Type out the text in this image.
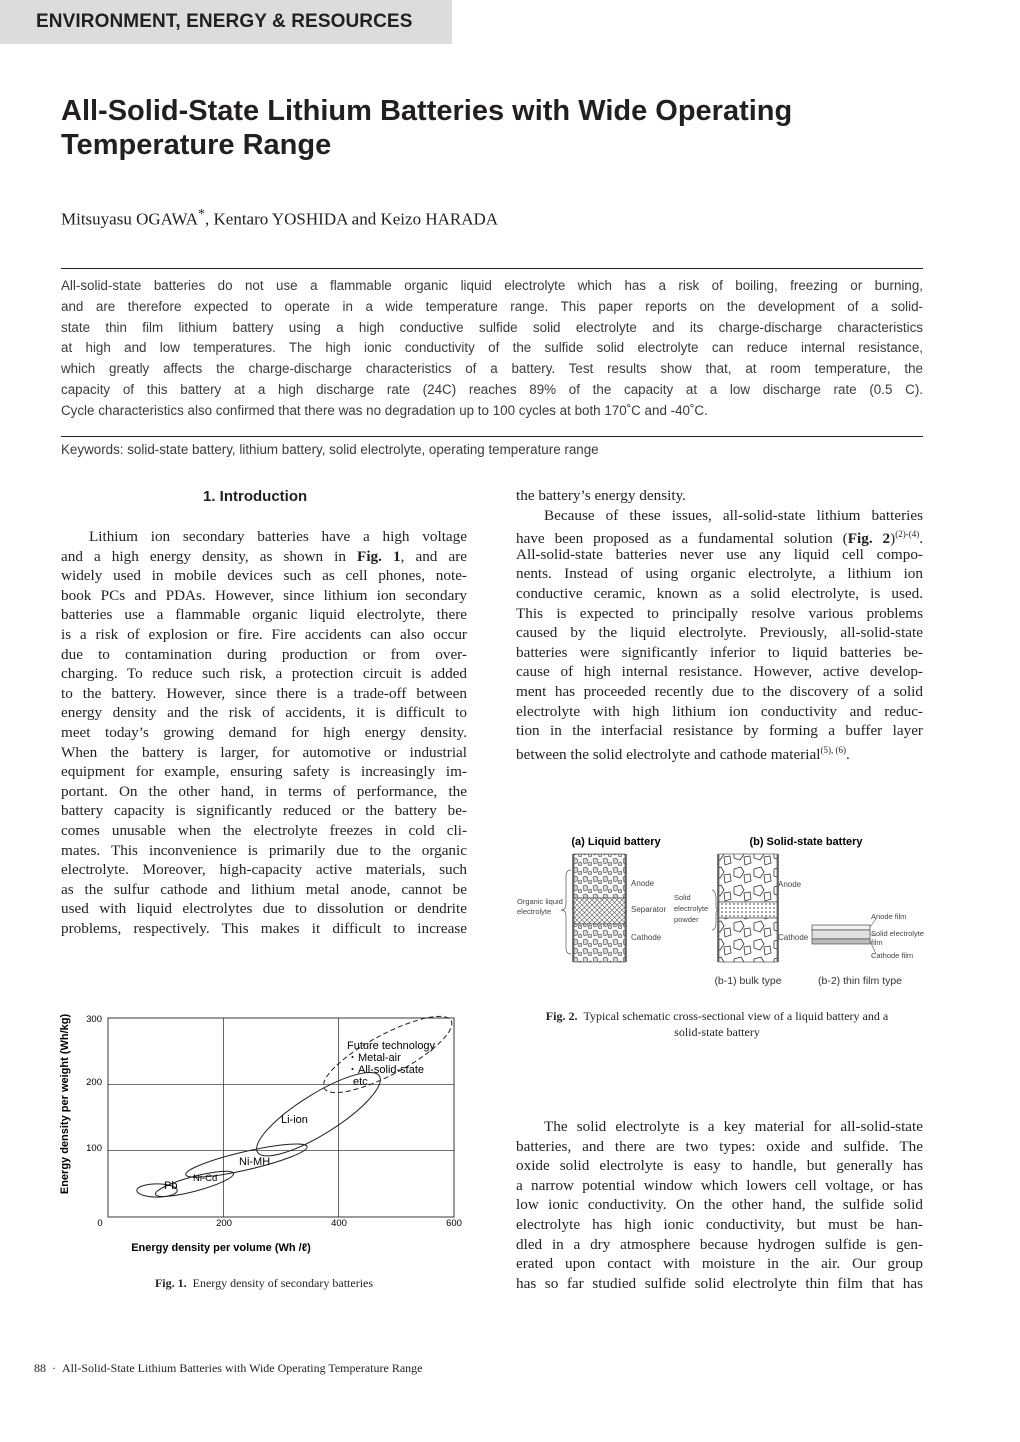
ENVIRONMENT, ENERGY & RESOURCES
All-Solid-State Lithium Batteries with Wide Operating
Temperature Range
Mitsuyasu OGAWA*, Kentaro YOSHIDA and Keizo HARADA
All-solid-state batteries do not use a flammable organic liquid electrolyte which has a risk of boiling, freezing or burning,
and are therefore expected to operate in a wide temperature range. This paper reports on the development of a solid-
state thin film lithium battery using a high conductive sulfide solid electrolyte and its charge-discharge characteristics
at high and low temperatures. The high ionic conductivity of the sulfide solid electrolyte can reduce internal resistance,
which greatly affects the charge-discharge characteristics of a battery. Test results show that, at room temperature, the
capacity of this battery at a high discharge rate (24C) reaches 89% of the capacity at a low discharge rate (0.5 C).
Cycle characteristics also confirmed that there was no degradation up to 100 cycles at both 170˚C and -40˚C.
Keywords: solid-state battery, lithium battery, solid electrolyte, operating temperature range
1. Introduction
Lithium ion secondary batteries have a high voltage
and a high energy density, as shown in Fig. 1, and are
widely used in mobile devices such as cell phones, note-
book PCs and PDAs. However, since lithium ion secondary
batteries use a flammable organic liquid electrolyte, there
is a risk of explosion or fire. Fire accidents can also occur
due to contamination during production or from over-
charging. To reduce such risk, a protection circuit is added
to the battery. However, since there is a trade-off between
energy density and the risk of accidents, it is difficult to
meet today’s growing demand for high energy density.
When the battery is larger, for automotive or industrial
equipment for example, ensuring safety is increasingly im-
portant. On the other hand, in terms of performance, the
battery capacity is significantly reduced or the battery be-
comes unusable when the electrolyte freezes in cold cli-
mates. This inconvenience is primarily due to the organic
electrolyte. Moreover, high-capacity active materials, such
as the sulfur cathode and lithium metal anode, cannot be
used with liquid electrolytes due to dissolution or dendrite
problems, respectively. This makes it difficult to increase
the battery’s energy density.
Because of these issues, all-solid-state lithium batteries
have been proposed as a fundamental solution (Fig. 2)$^{(2)-(4)}$.
All-solid-state batteries never use any liquid cell compo-
nents. Instead of using organic electrolyte, a lithium ion
conductive ceramic, known as a solid electrolyte, is used.
This is expected to principally resolve various problems
caused by the liquid electrolyte. Previously, all-solid-state
batteries were significantly inferior to liquid batteries be-
cause of high internal resistance. However, active develop-
ment has proceeded recently due to the discovery of a solid
electrolyte with high lithium ion conductivity and reduc-
tion in the interfacial resistance by forming a buffer layer
between the solid electrolyte and cathode material$^{(5), (6)}$.
The solid electrolyte is a key material for all-solid-state
batteries, and there are two types: oxide and sulfide. The
oxide solid electrolyte is easy to handle, but generally has
a narrow potential window which lowers cell voltage, or has
low ionic conductivity. On the other hand, the sulfide solid
electrolyte has high ionic conductivity, but must be han-
dled in a dry atmosphere because hydrogen sulfide is gen-
erated upon contact with moisture in the air. Our group
has so far studied sulfide solid electrolyte thin film that has
(a) Liquid battery	(b) Solid-state battery
Organic liquid
electrolyte
Anode
Separator
Cathode
Solid
electrolyte
powder
Anode
Cathode
Anode film
Solid electrolyte
film
Cathode film
(b-1) bulk type	(b-2) thin film type
Fig. 2. Typical schematic cross-sectional view of a liquid battery and a
solid-state battery
Energy density per weight (Wh/kg)
Energy density per volume (Wh /ℓ)
0	200	400	600
300
200
100
Pb
Ni-Cd
Ni-MH
Li-ion
Future technology
・Metal-air
・All-solid-state
etc.
Fig. 1. Energy density of secondary batteries
88 · All-Solid-State Lithium Batteries with Wide Operating Temperature Range
